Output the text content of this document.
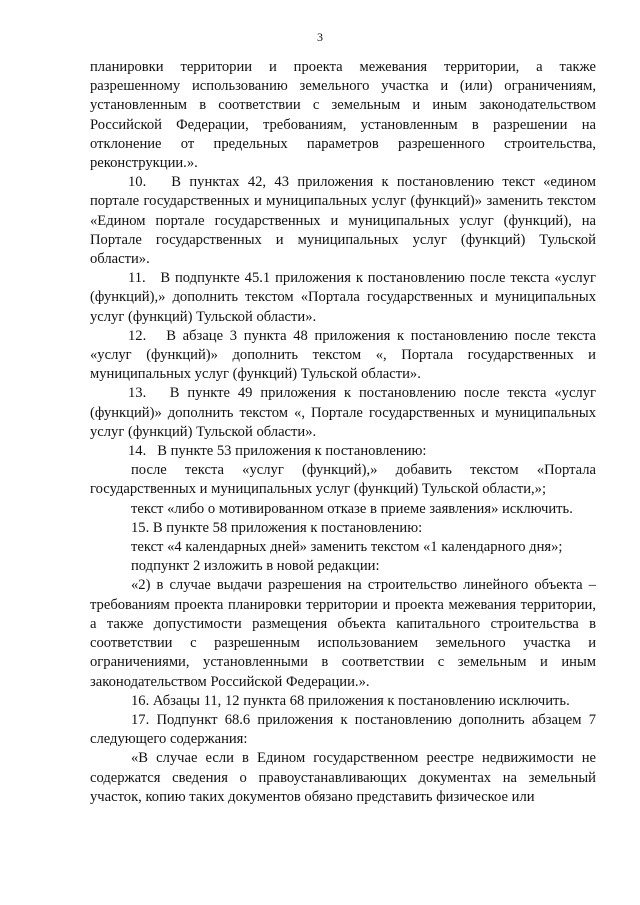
3

планировки территории и проекта межевания территории, а также разрешенному использованию земельного участка и (или) ограничениям, установленным в соответствии с земельным и иным законодательством Российской Федерации, требованиям, установленным в разрешении на отклонение от предельных параметров разрешенного строительства, реконструкции.».

10.   В пунктах 42, 43 приложения к постановлению текст «едином портале государственных и муниципальных услуг (функций)» заменить текстом «Едином портале государственных и муниципальных услуг (функций), на Портале государственных и муниципальных услуг (функций) Тульской области».

11.   В подпункте 45.1 приложения к постановлению после текста «услуг (функций),» дополнить текстом «Портала государственных и муниципальных услуг (функций) Тульской области».

12.   В абзаце 3 пункта 48 приложения к постановлению после текста «услуг (функций)» дополнить текстом «, Портала государственных и муниципальных услуг (функций) Тульской области».

13.   В пункте 49 приложения к постановлению после текста «услуг (функций)» дополнить текстом «, Портале государственных и муниципальных услуг (функций) Тульской области».

14.   В пункте 53 приложения к постановлению:

после текста «услуг (функций),» добавить текстом «Портала государственных и муниципальных услуг (функций) Тульской области,»;

текст «либо о мотивированном отказе в приеме заявления» исключить.

15. В пункте 58 приложения к постановлению:

текст «4 календарных дней» заменить текстом «1 календарного дня»;

подпункт 2 изложить в новой редакции:

«2) в случае выдачи разрешения на строительство линейного объекта – требованиям проекта планировки территории и проекта межевания территории, а также допустимости размещения объекта капитального строительства в соответствии с разрешенным использованием земельного участка и ограничениями, установленными в соответствии с земельным и иным законодательством Российской Федерации.».

16. Абзацы 11, 12 пункта 68 приложения к постановлению исключить.

17. Подпункт 68.6 приложения к постановлению дополнить абзацем 7 следующего содержания:

«В случае если в Едином государственном реестре недвижимости не содержатся сведения о правоустанавливающих документах на земельный участок, копию таких документов обязано представить физическое или
